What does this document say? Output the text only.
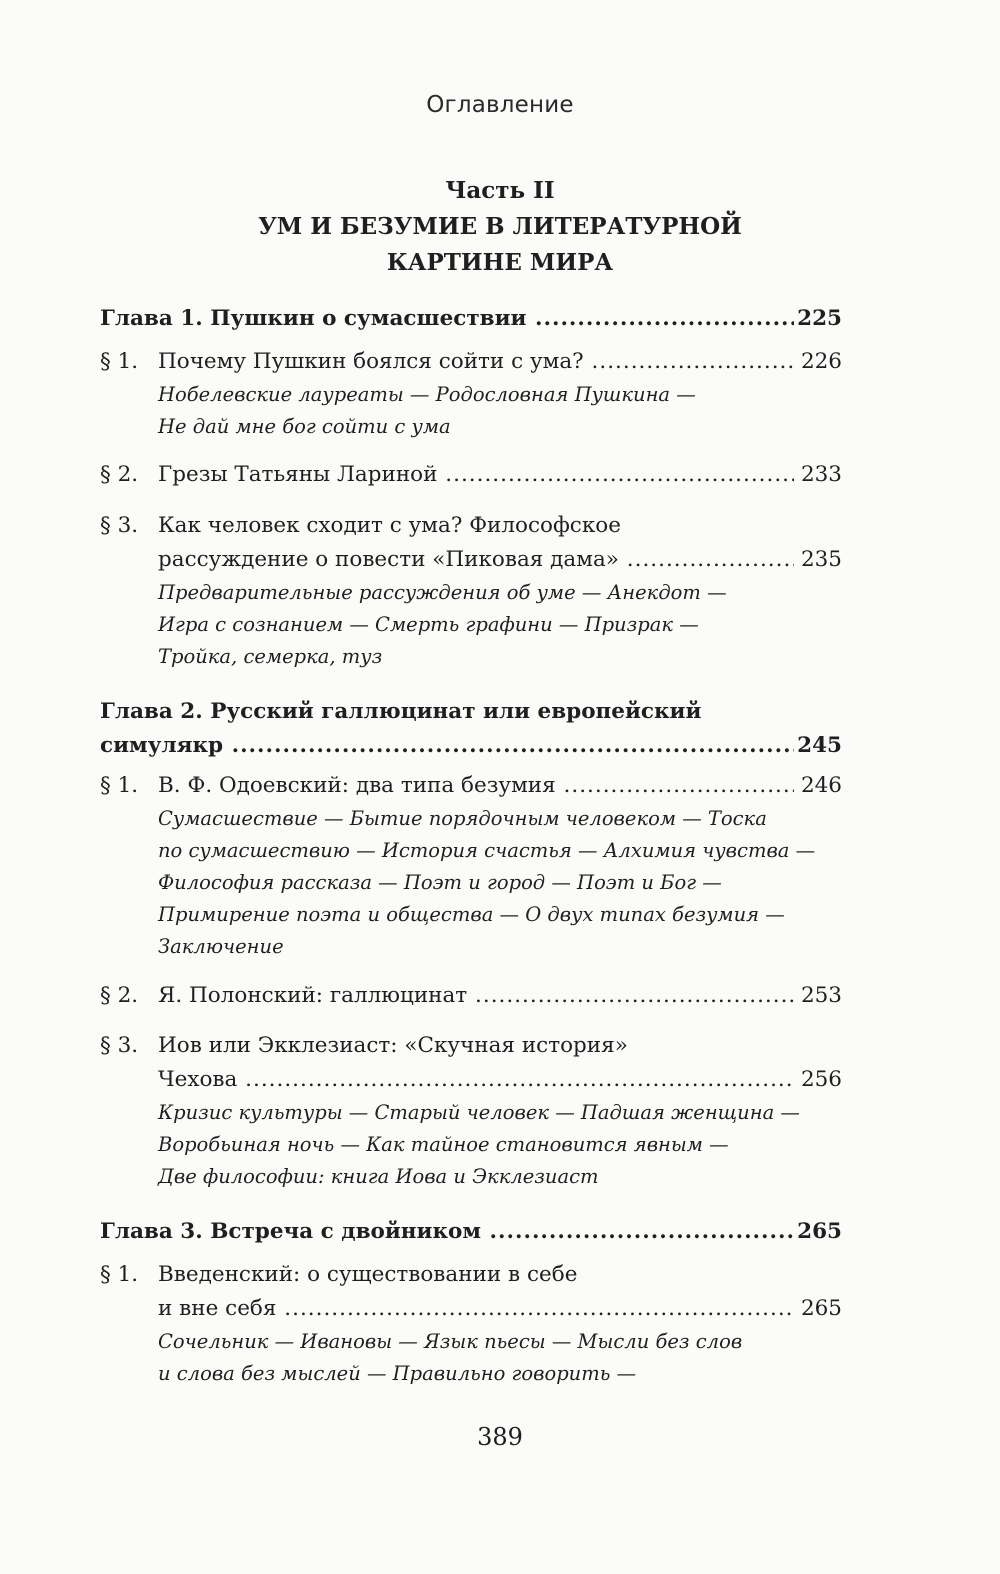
Оглавление
Часть II
УМ И БЕЗУМИЕ В ЛИТЕРАТУРНОЙ
КАРТИНЕ МИРА
Глава 1. Пушкин о сумасшествии .....	225
§ 1. Почему Пушкин боялся сойти с ума? .....	226
Нобелевские лауреаты — Родословная Пушкина —
Не дай мне бог сойти с ума
§ 2. Грезы Татьяны Лариной .....	233
§ 3. Как человек сходит с ума? Философское
рассуждение о повести «Пиковая дама» .....	235
Предварительные рассуждения об уме — Анекдот —
Игра с сознанием — Смерть графини — Призрак —
Тройка, семерка, туз
Глава 2. Русский галлюцинат или европейский
симулякр .....	245
§ 1. В. Ф. Одоевский: два типа безумия .....	246
Сумасшествие — Бытие порядочным человеком — Тоска
по сумасшествию — История счастья — Алхимия чувства —
Философия рассказа — Поэт и город — Поэт и Бог —
Примирение поэта и общества — О двух типах безумия —
Заключение
§ 2. Я. Полонский: галлюцинат .....	253
§ 3. Иов или Экклезиаст: «Скучная история»
Чехова .....	256
Кризис культуры — Старый человек — Падшая женщина —
Воробьиная ночь — Как тайное становится явным —
Две философии: книга Иова и Экклезиаст
Глава 3. Встреча с двойником .....	265
§ 1. Введенский: о существовании в себе
и вне себя .....	265
Сочельник — Ивановы — Язык пьесы — Мысли без слов
и слова без мыслей — Правильно говорить —
389
